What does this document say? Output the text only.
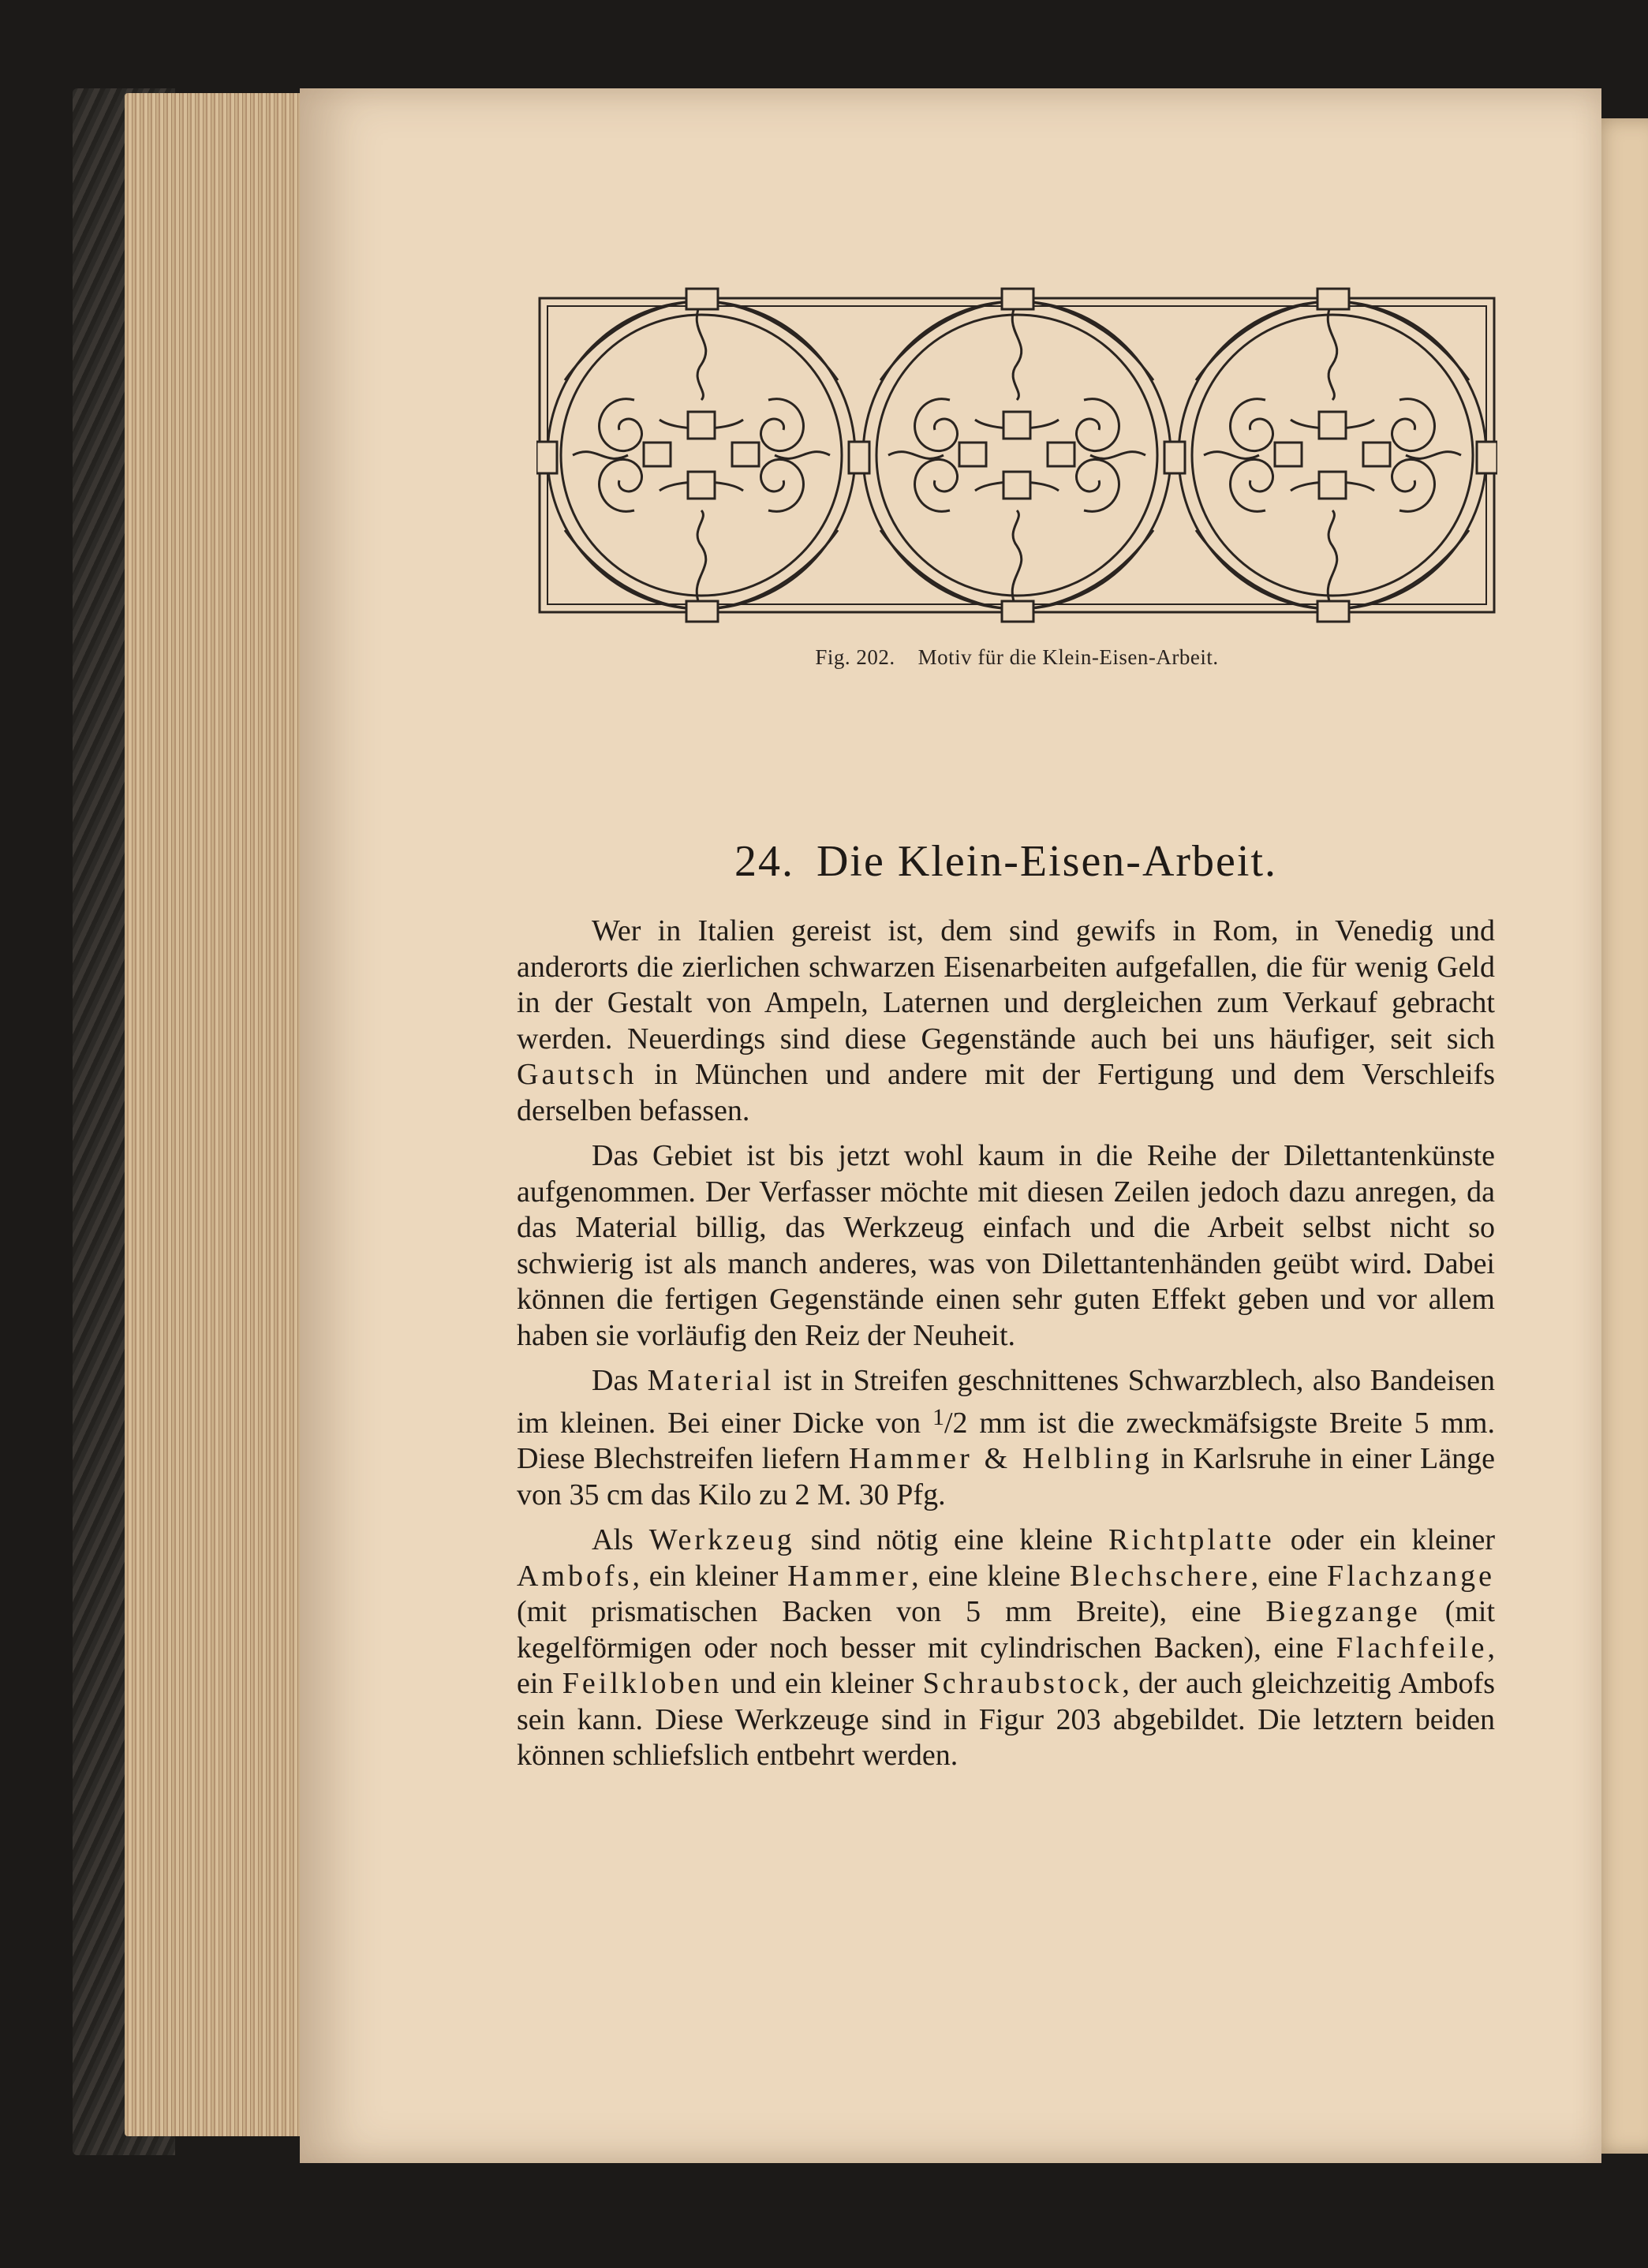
Fig. 202. Motiv für die Klein-Eisen-Arbeit.
24. Die Klein-Eisen-Arbeit.

Wer in Italien gereist ist, dem sind gewifs in Rom, in Venedig und anderorts die zierlichen schwarzen Eisenarbeiten aufgefallen, die für wenig Geld in der Gestalt von Ampeln, Laternen und dergleichen zum Verkauf gebracht werden. Neuerdings sind diese Gegenstände auch bei uns häufiger, seit sich Gautsch in München und andere mit der Fertigung und dem Verschleifs derselben befassen.

Das Gebiet ist bis jetzt wohl kaum in die Reihe der Dilettantenkünste aufgenommen. Der Verfasser möchte mit diesen Zeilen jedoch dazu anregen, da das Material billig, das Werkzeug einfach und die Arbeit selbst nicht so schwierig ist als manch anderes, was von Dilettantenhänden geübt wird. Dabei können die fertigen Gegenstände einen sehr guten Effekt geben und vor allem haben sie vorläufig den Reiz der Neuheit.

Das Material ist in Streifen geschnittenes Schwarzblech, also Bandeisen im kleinen. Bei einer Dicke von $^1$/2 mm ist die zweckmäfsigste Breite 5 mm. Diese Blechstreifen liefern Hammer & Helbling in Karlsruhe in einer Länge von 35 cm das Kilo zu 2 M. 30 Pfg.

Als Werkzeug sind nötig eine kleine Richtplatte oder ein kleiner Ambofs, ein kleiner Hammer, eine kleine Blechschere, eine Flachzange (mit prismatischen Backen von 5 mm Breite), eine Biegzange (mit kegelförmigen oder noch besser mit cylindrischen Backen), eine Flachfeile, ein Feilkloben und ein kleiner Schraubstock, der auch gleichzeitig Ambofs sein kann. Diese Werkzeuge sind in Figur 203 abgebildet. Die letztern beiden können schliefslich entbehrt werden.
